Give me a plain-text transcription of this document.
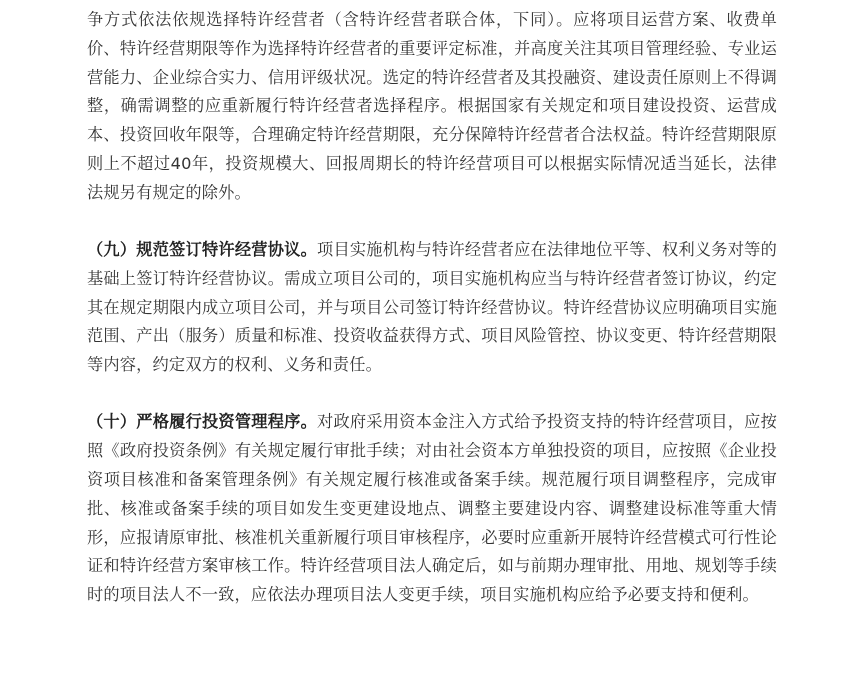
争方式依法依规选择特许经营者（含特许经营者联合体，下同）。应将项目运营方案、收费单价、特许经营期限等作为选择特许经营者的重要评定标准，并高度关注其项目管理经验、专业运营能力、企业综合实力、信用评级状况。选定的特许经营者及其投融资、建设责任原则上不得调整，确需调整的应重新履行特许经营者选择程序。根据国家有关规定和项目建设投资、运营成本、投资回收年限等，合理确定特许经营期限，充分保障特许经营者合法权益。特许经营期限原则上不超过40年，投资规模大、回报周期长的特许经营项目可以根据实际情况适当延长，法律法规另有规定的除外。

（九）规范签订特许经营协议。项目实施机构与特许经营者应在法律地位平等、权利义务对等的基础上签订特许经营协议。需成立项目公司的，项目实施机构应当与特许经营者签订协议，约定其在规定期限内成立项目公司，并与项目公司签订特许经营协议。特许经营协议应明确项目实施范围、产出（服务）质量和标准、投资收益获得方式、项目风险管控、协议变更、特许经营期限等内容，约定双方的权利、义务和责任。

（十）严格履行投资管理程序。对政府采用资本金注入方式给予投资支持的特许经营项目，应按照《政府投资条例》有关规定履行审批手续；对由社会资本方单独投资的项目，应按照《企业投资项目核准和备案管理条例》有关规定履行核准或备案手续。规范履行项目调整程序，完成审批、核准或备案手续的项目如发生变更建设地点、调整主要建设内容、调整建设标准等重大情形，应报请原审批、核准机关重新履行项目审核程序，必要时应重新开展特许经营模式可行性论证和特许经营方案审核工作。特许经营项目法人确定后，如与前期办理审批、用地、规划等手续时的项目法人不一致，应依法办理项目法人变更手续，项目实施机构应给予必要支持和便利。
